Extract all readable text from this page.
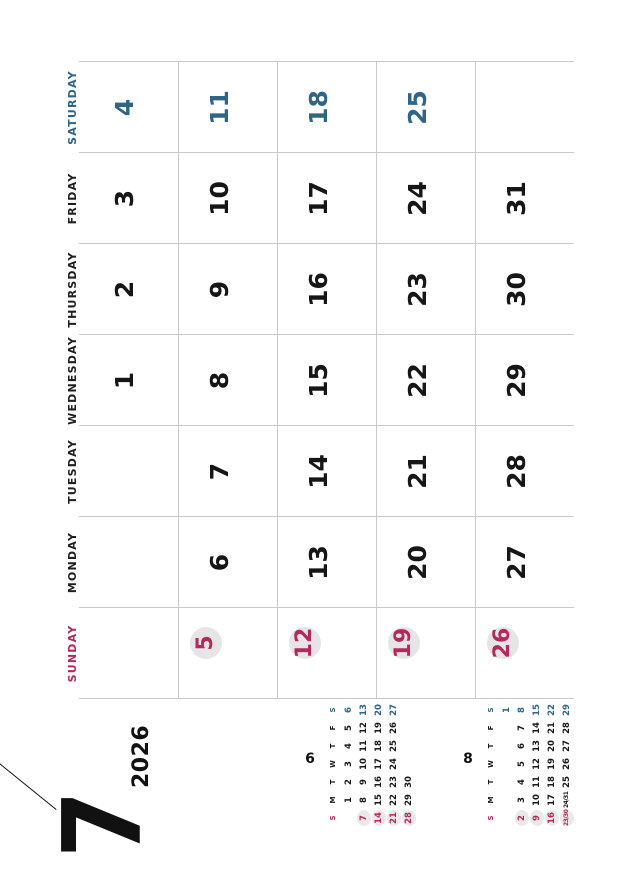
7
2026
SUNDAY
MONDAY
TUESDAY
WEDNESDAY
THURSDAY
FRIDAY
SATURDAY
1
2
3
4
5
6
7
8
9
10
11
12
13
14
15
16
17
18
19
20
21
22
23
24
25
26
27
28
29
30
31
6
S
M
T
W
T
F
S
1
2
3
4
5
6
7
8
9
10
11
12
13
14
15
16
17
18
19
20
21
22
23
24
25
26
27
28
29
30
8
S
M
T
W
T
F
S 1
2
3
4
5
6
7
8
9
10
11
12
13
14
15
16
17
18
19
20
21
22
23/30
24/31
25
26
27
28
29
